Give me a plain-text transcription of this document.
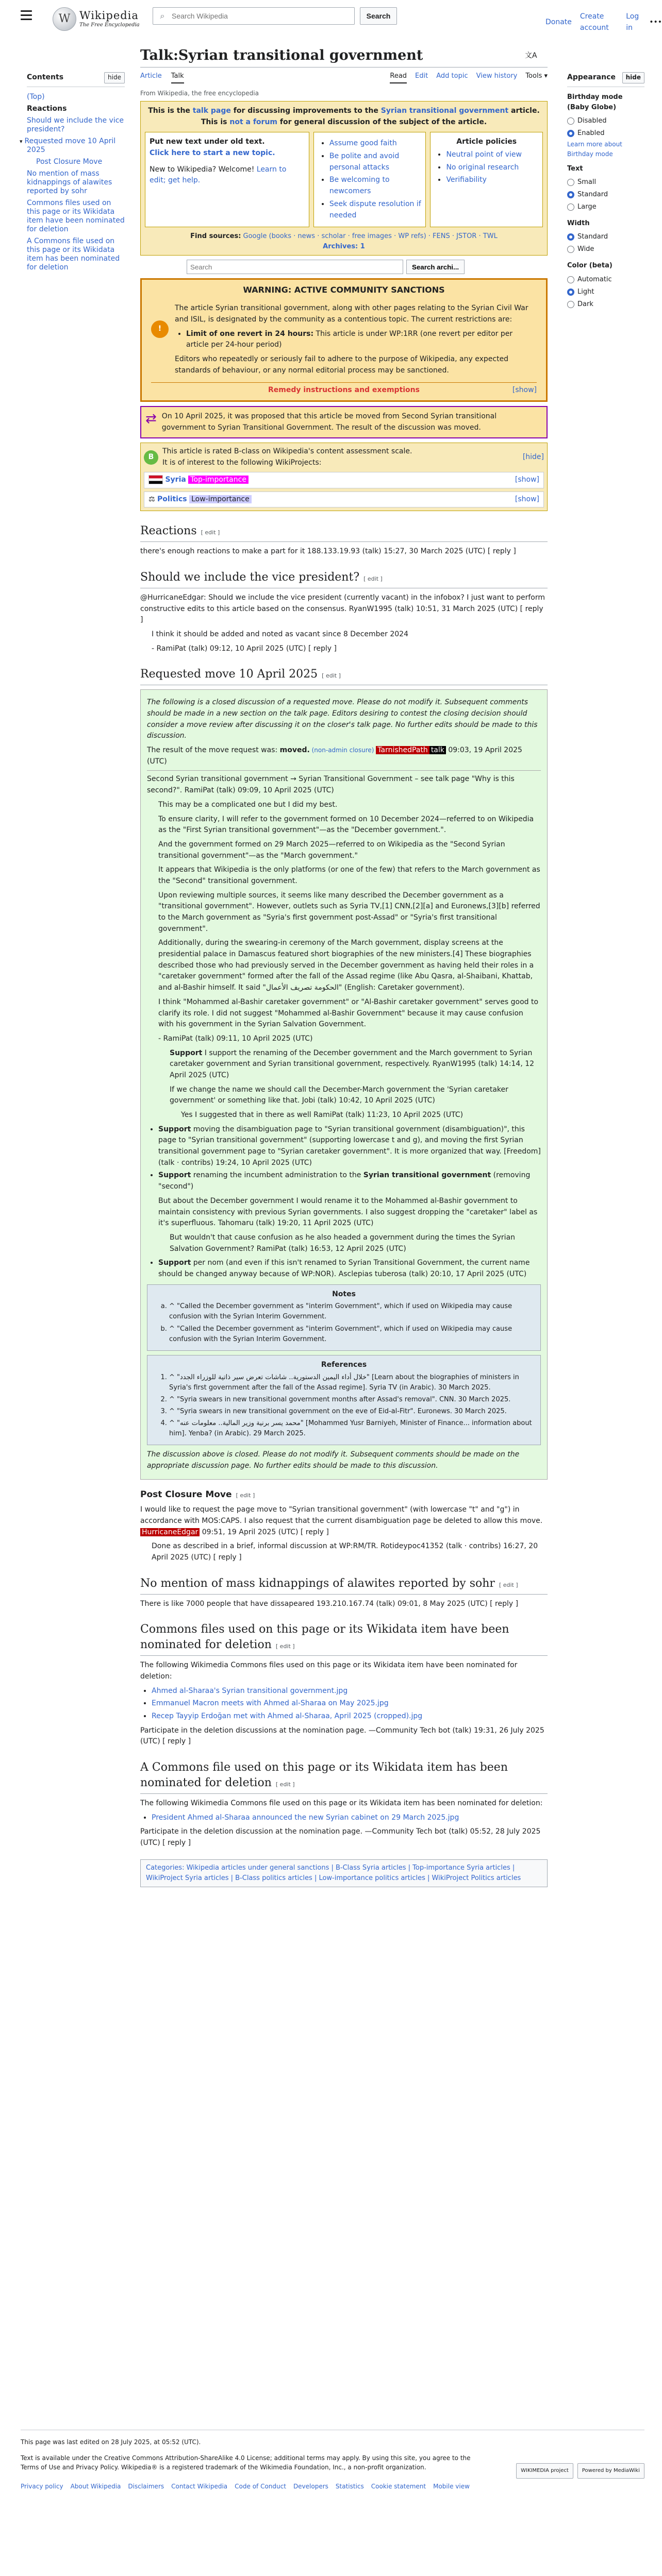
W Wikipedia
The Free Encyclopedia
⌕
Search Wikipedia	Search
Donate
Create account
Log in
•••
Contents	hide
(Top)
Reactions
Should we include the vice president?
▾ Requested move 10 April 2025
Post Closure Move
No mention of mass kidnappings of alawites reported by sohr
Commons files used on this page or its Wikidata item have been nominated for deletion
A Commons file used on this page or its Wikidata item has been nominated for deletion
Talk:Syrian transitional government	文A
Article Talk	Read Edit Add topic View history Tools ▾
From Wikipedia, the free encyclopedia
Appearance	hide
Birthday mode (Baby Globe)
Disabled
Enabled
Learn more about Birthday mode
Text
Small
Standard
Large
Width
Standard
Wide
Color (beta)
Automatic
Light
Dark

This is the talk page for discussing improvements to the Syrian transitional government article.

This is not a forum for general discussion of the subject of the article.

Put new text under old text.
Click here to start a new topic.
New to Wikipedia? Welcome! Learn to edit; get help.
• Assume good faith
• Be polite and avoid personal attacks
• Be welcoming to newcomers
• Seek dispute resolution if needed
Article policies
• Neutral point of view
• No original research
• Verifiability
Find sources: Google (books · news · scholar · free images · WP refs) · FENS · JSTOR · TWL
Archives: 1
Search
Search archi...
WARNING: ACTIVE COMMUNITY SANCTIONS
!

The article Syrian transitional government, along with other pages relating to the Syrian Civil War and ISIL, is designated by the community as a contentious topic. The current restrictions are:

• Limit of one revert in 24 hours: This article is under WP:1RR (one revert per editor per article per 24-hour period)

Editors who repeatedly or seriously fail to adhere to the purpose of Wikipedia, any expected standards of behaviour, or any normal editorial process may be sanctioned.

Remedy instructions and exemptions	[show]
⇄ On 10 April 2025, it was proposed that this article be moved from Second Syrian transitional government to Syrian Transitional Government. The result of the discussion was moved.
B
This article is rated B-class on Wikipedia's content assessment scale.
It is of interest to the following WikiProjects:
[hide]
Syria Top-importance	[show]
⚖ Politics Low-importance	[show]
Reactions [ edit ]

there's enough reactions to make a part for it 188.133.19.93 (talk) 15:27, 30 March 2025 (UTC) [ reply ]

Should we include the vice president? [ edit ]

@HurricaneEdgar: Should we include the vice president (currently vacant) in the infobox? I just want to perform constructive edits to this article based on the consensus. RyanW1995 (talk) 10:51, 31 March 2025 (UTC) [ reply ]

I think it should be added and noted as vacant since 8 December 2024

- RamiPat (talk) 09:12, 10 April 2025 (UTC) [ reply ]

Requested move 10 April 2025 [ edit ]

The following is a closed discussion of a requested move. Please do not modify it. Subsequent comments should be made in a new section on the talk page. Editors desiring to contest the closing decision should consider a move review after discussing it on the closer's talk page. No further edits should be made to this discussion.

The result of the move request was: moved. (non-admin closure) TarnishedPath talk 09:03, 19 April 2025 (UTC)

Second Syrian transitional government → Syrian Transitional Government – see talk page "Why is this second?". RamiPat (talk) 09:09, 10 April 2025 (UTC)

This may be a complicated one but I did my best.

To ensure clarity, I will refer to the government formed on 10 December 2024—referred to on Wikipedia as the "First Syrian transitional government"—as the "December government.".

And the government formed on 29 March 2025—referred to on Wikipedia as the "Second Syrian transitional government"—as the "March government."

It appears that Wikipedia is the only platforms (or one of the few) that refers to the March government as the "Second" transitional government.

Upon reviewing multiple sources, it seems like many described the December government as a "transitional government". However, outlets such as Syria TV,[1] CNN,[2][a] and Euronews,[3][b] referred to the March government as "Syria's first government post-Assad" or "Syria's first transitional government".

Additionally, during the swearing-in ceremony of the March government, display screens at the presidential palace in Damascus featured short biographies of the new ministers.[4] These biographies described those who had previously served in the December government as having held their roles in a "caretaker government" formed after the fall of the Assad regime (like Abu Qasra, al-Shaibani, Khattab, and al-Bashir himself. It said "الحكومة تصريف الأعمال" (English: Caretaker government).

I think "Mohammed al-Bashir caretaker government" or "Al-Bashir caretaker government" serves good to clarify its role. I did not suggest "Mohammed al-Bashir Government" because it may cause confusion with his government in the Syrian Salvation Government.

- RamiPat (talk) 09:11, 10 April 2025 (UTC)

Support I support the renaming of the December government and the March government to Syrian caretaker government and Syrian transitional government, respectively. RyanW1995 (talk) 14:14, 12 April 2025 (UTC)

If we change the name we should call the December-March government the 'Syrian caretaker government' or something like that. Jobi (talk) 10:42, 10 April 2025 (UTC)

Yes I suggested that in there as well RamiPat (talk) 11:23, 10 April 2025 (UTC)

• Support moving the disambiguation page to "Syrian transitional government (disambiguation)", this page to "Syrian transitional government" (supporting lowercase t and g), and moving the first Syrian transitional government page to "Syrian caretaker government". It is more organized that way. [Freedom] (talk · contribs) 19:24, 10 April 2025 (UTC)
• Support renaming the incumbent administration to the Syrian transitional government (removing "second")

But about the December government I would rename it to the Mohammed al-Bashir government to maintain consistency with previous Syrian governments. I also suggest dropping the "caretaker" label as it's superfluous. Tahomaru (talk) 19:20, 11 April 2025 (UTC)

But wouldn't that cause confusion as he also headed a government during the times the Syrian Salvation Government? RamiPat (talk) 16:53, 12 April 2025 (UTC)

• Support per nom (and even if this isn't renamed to Syrian Transitional Government, the current name should be changed anyway because of WP:NOR). Asclepias tuberosa (talk) 20:10, 17 April 2025 (UTC)
Notes
a. ^ "Called the December government as "interim Government", which if used on Wikipedia may cause confusion with the Syrian Interim Government.
b. ^ "Called the December government as "interim Government", which if used on Wikipedia may cause confusion with the Syrian Interim Government.
References
1. ^ "خلال أداء اليمين الدستورية.. شاشات تعرض سير ذاتية للوزراء الجدد" [Learn about the biographies of ministers in Syria's first government after the fall of the Assad regime]. Syria TV (in Arabic). 30 March 2025.
2. ^ "Syria swears in new transitional government months after Assad's removal". CNN. 30 March 2025.
3. ^ "Syria swears in new transitional government on the eve of Eid-al-Fitr". Euronews. 30 March 2025.
4. ^ "محمد يسر برنية وزير المالية.. معلومات عنه" [Mohammed Yusr Barniyeh, Minister of Finance... information about him]. Yenba? (in Arabic). 29 March 2025.

The discussion above is closed. Please do not modify it. Subsequent comments should be made on the appropriate discussion page. No further edits should be made to this discussion.

Post Closure Move [ edit ]

I would like to request the page move to "Syrian transitional government" (with lowercase "t" and "g") in accordance with MOS:CAPS. I also request that the current disambiguation page be deleted to allow this move. HurricaneEdgar 09:51, 19 April 2025 (UTC) [ reply ]

Done as described in a brief, informal discussion at WP:RM/TR. Rotideypoc41352 (talk · contribs) 16:27, 20 April 2025 (UTC) [ reply ]

No mention of mass kidnappings of alawites reported by sohr [ edit ]

There is like 7000 people that have dissapeared 193.210.167.74 (talk) 09:01, 8 May 2025 (UTC) [ reply ]

Commons files used on this page or its Wikidata item have been nominated for deletion [ edit ]

The following Wikimedia Commons files used on this page or its Wikidata item have been nominated for deletion:

• Ahmed al-Sharaa's Syrian transitional government.jpg
• Emmanuel Macron meets with Ahmed al-Sharaa on May 2025.jpg
• Recep Tayyip Erdoğan met with Ahmed al-Sharaa, April 2025 (cropped).jpg

Participate in the deletion discussions at the nomination page. —Community Tech bot (talk) 19:31, 26 July 2025 (UTC) [ reply ]

A Commons file used on this page or its Wikidata item has been nominated for deletion [ edit ]

The following Wikimedia Commons file used on this page or its Wikidata item has been nominated for deletion:

• President Ahmed al-Sharaa announced the new Syrian cabinet on 29 March 2025.jpg

Participate in the deletion discussion at the nomination page. —Community Tech bot (talk) 05:52, 28 July 2025 (UTC) [ reply ]

Categories: Wikipedia articles under general sanctions | B-Class Syria articles | Top-importance Syria articles | WikiProject Syria articles | B-Class politics articles | Low-importance politics articles | WikiProject Politics articles
This page was last edited on 28 July 2025, at 05:52 (UTC).
Text is available under the Creative Commons Attribution-ShareAlike 4.0 License; additional terms may apply. By using this site, you agree to the Terms of Use and Privacy Policy. Wikipedia® is a registered trademark of the Wikimedia Foundation, Inc., a non-profit organization.
Privacy policy About Wikipedia Disclaimers Contact Wikipedia Code of Conduct Developers Statistics Cookie statement Mobile view
WIKIMEDIA project	Powered by MediaWiki
